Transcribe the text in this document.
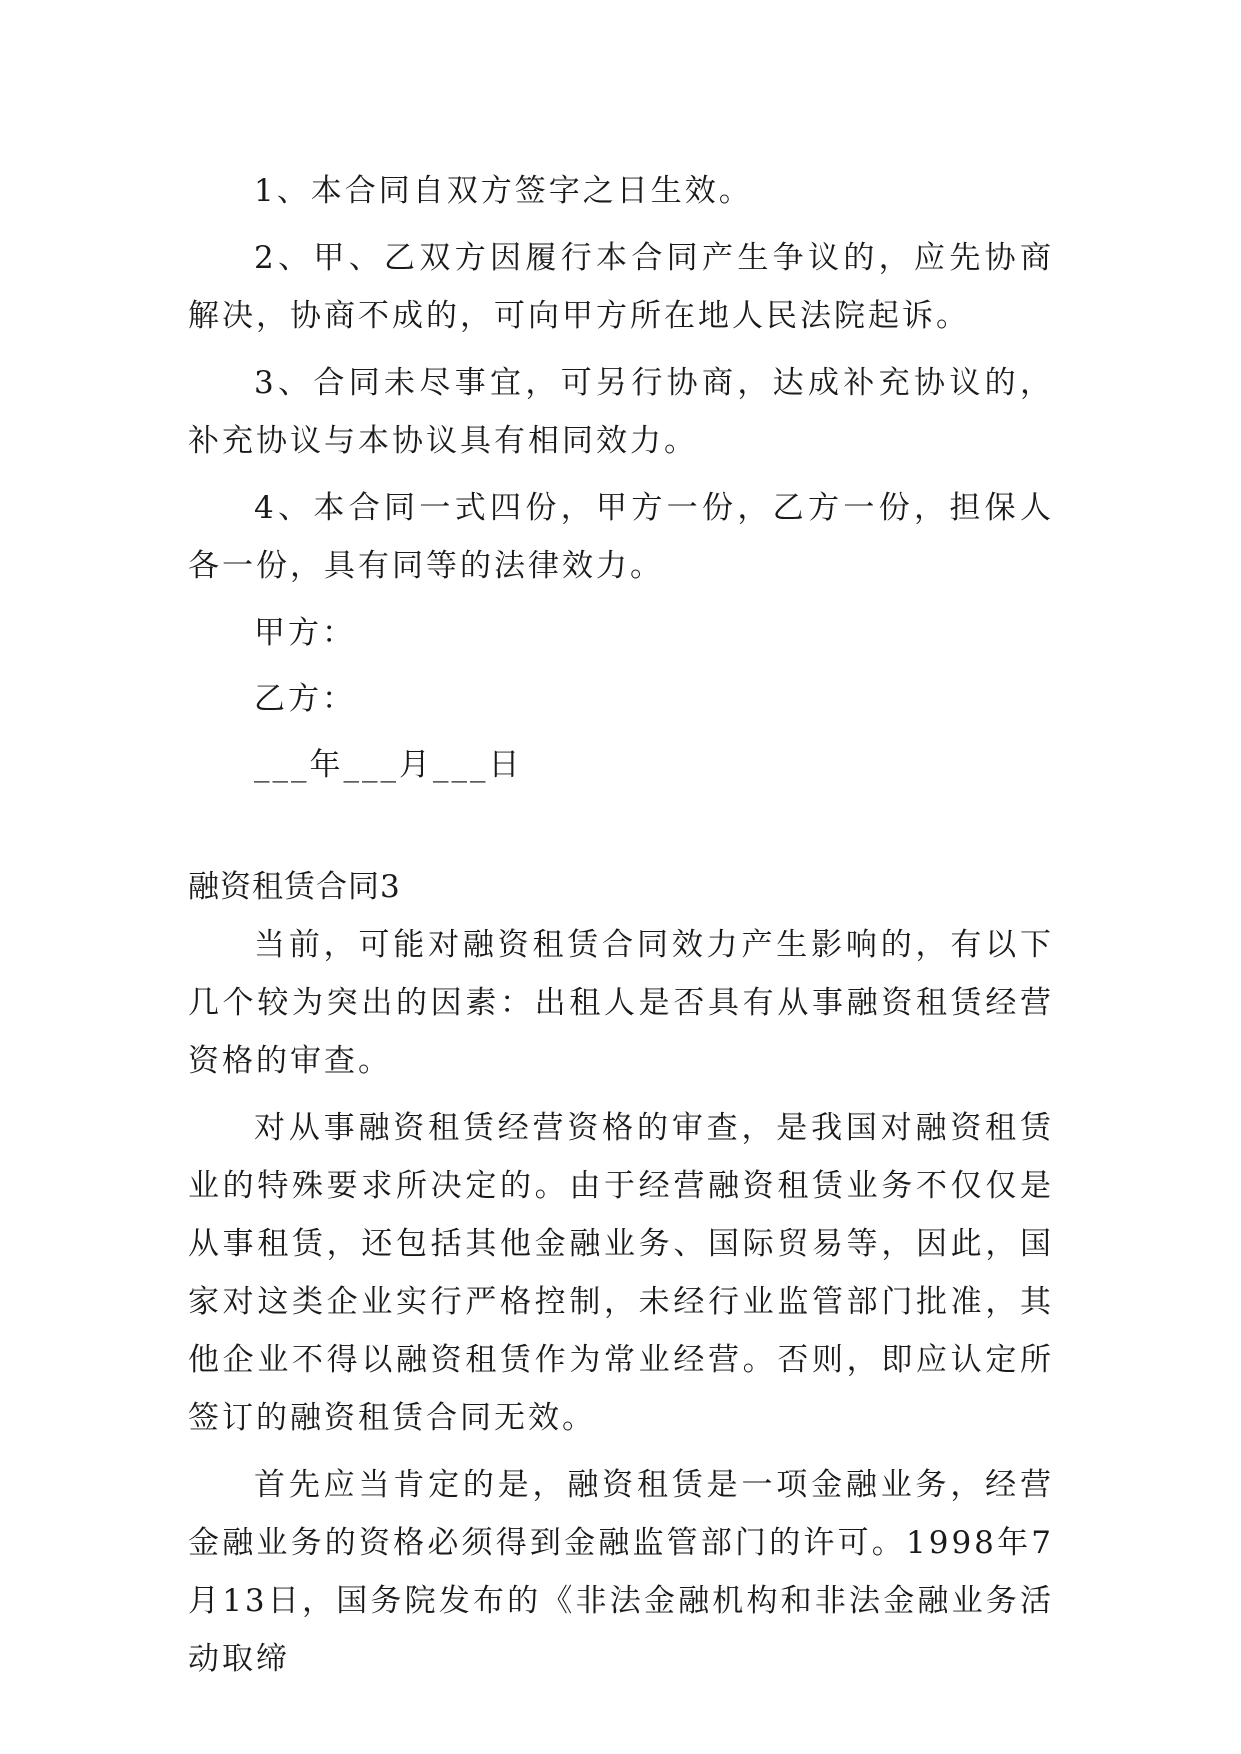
1、本合同自双方签字之日生效。

2、甲、乙双方因履行本合同产生争议的，应先协商解决，协商不成的，可向甲方所在地人民法院起诉。

3、合同未尽事宜，可另行协商，达成补充协议的，补充协议与本协议具有相同效力。

4、本合同一式四份，甲方一份，乙方一份，担保人各一份，具有同等的法律效力。

甲方：

乙方：

___年___月___日

融资租赁合同3

当前，可能对融资租赁合同效力产生影响的，有以下几个较为突出的因素：出租人是否具有从事融资租赁经营资格的审查。

对从事融资租赁经营资格的审查，是我国对融资租赁业的特殊要求所决定的。由于经营融资租赁业务不仅仅是从事租赁，还包括其他金融业务、国际贸易等，因此，国家对这类企业实行严格控制，未经行业监管部门批准，其他企业不得以融资租赁作为常业经营。否则，即应认定所签订的融资租赁合同无效。

首先应当肯定的是，融资租赁是一项金融业务，经营金融业务的资格必须得到金融监管部门的许可。1998年7月13日，国务院发布的《非法金融机构和非法金融业务活动取缔
